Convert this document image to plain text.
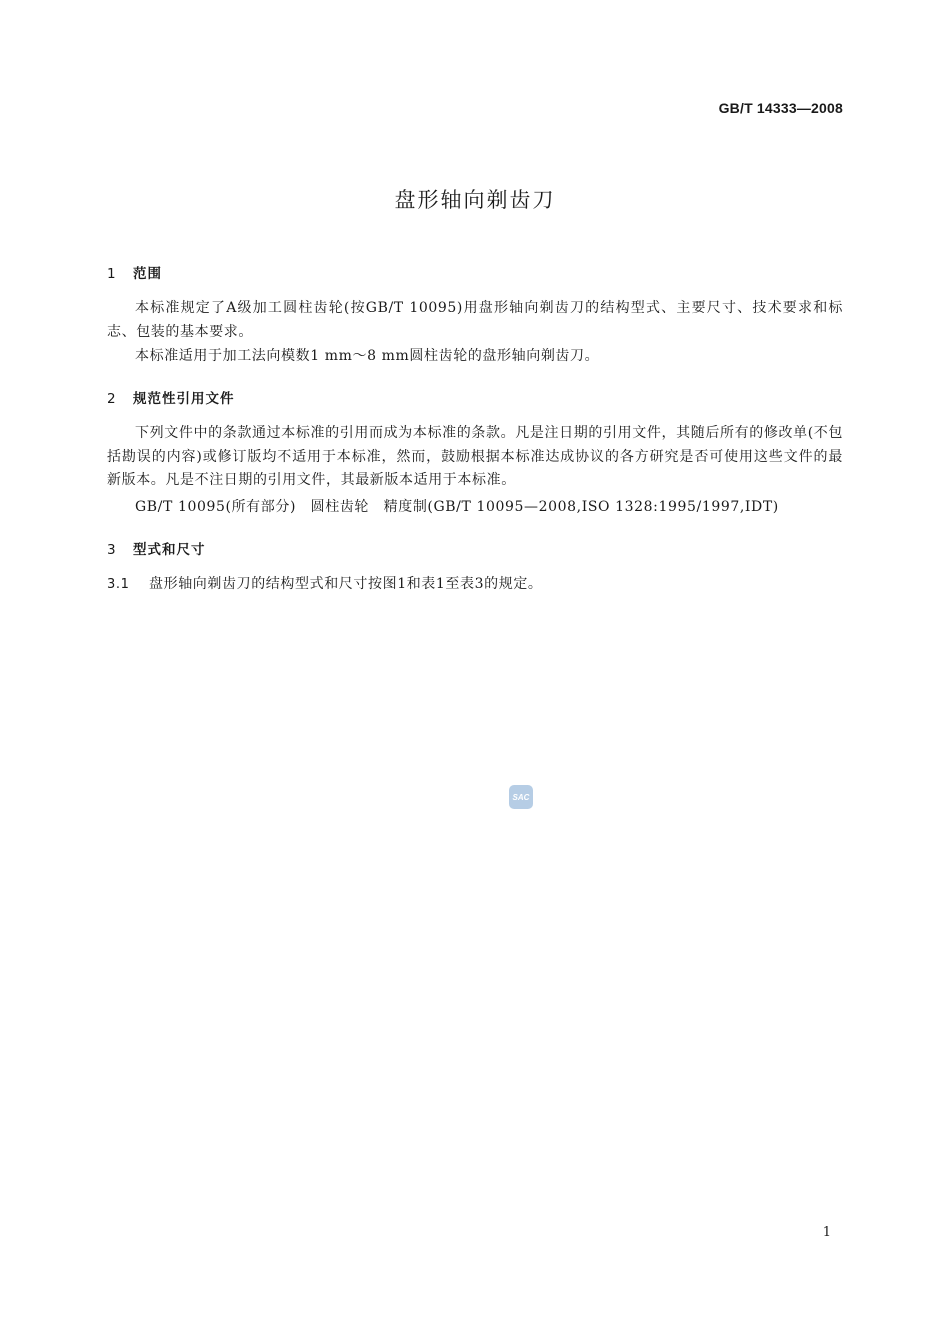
GB/T 14333—2008
盘形轴向剃齿刀
1 范围
本标准规定了A级加工圆柱齿轮(按GB/T 10095)用盘形轴向剃齿刀的结构型式、主要尺寸、技术要求和标志、包装的基本要求。
本标准适用于加工法向模数1 mm～8 mm圆柱齿轮的盘形轴向剃齿刀。
2 规范性引用文件
下列文件中的条款通过本标准的引用而成为本标准的条款。凡是注日期的引用文件，其随后所有的修改单(不包括勘误的内容)或修订版均不适用于本标准，然而，鼓励根据本标准达成协议的各方研究是否可使用这些文件的最新版本。凡是不注日期的引用文件，其最新版本适用于本标准。
GB/T 10095(所有部分)　圆柱齿轮　精度制(GB/T 10095—2008,ISO 1328:1995/1997,IDT)
3 型式和尺寸
3.1 盘形轴向剃齿刀的结构型式和尺寸按图1和表1至表3的规定。
SAC
1
